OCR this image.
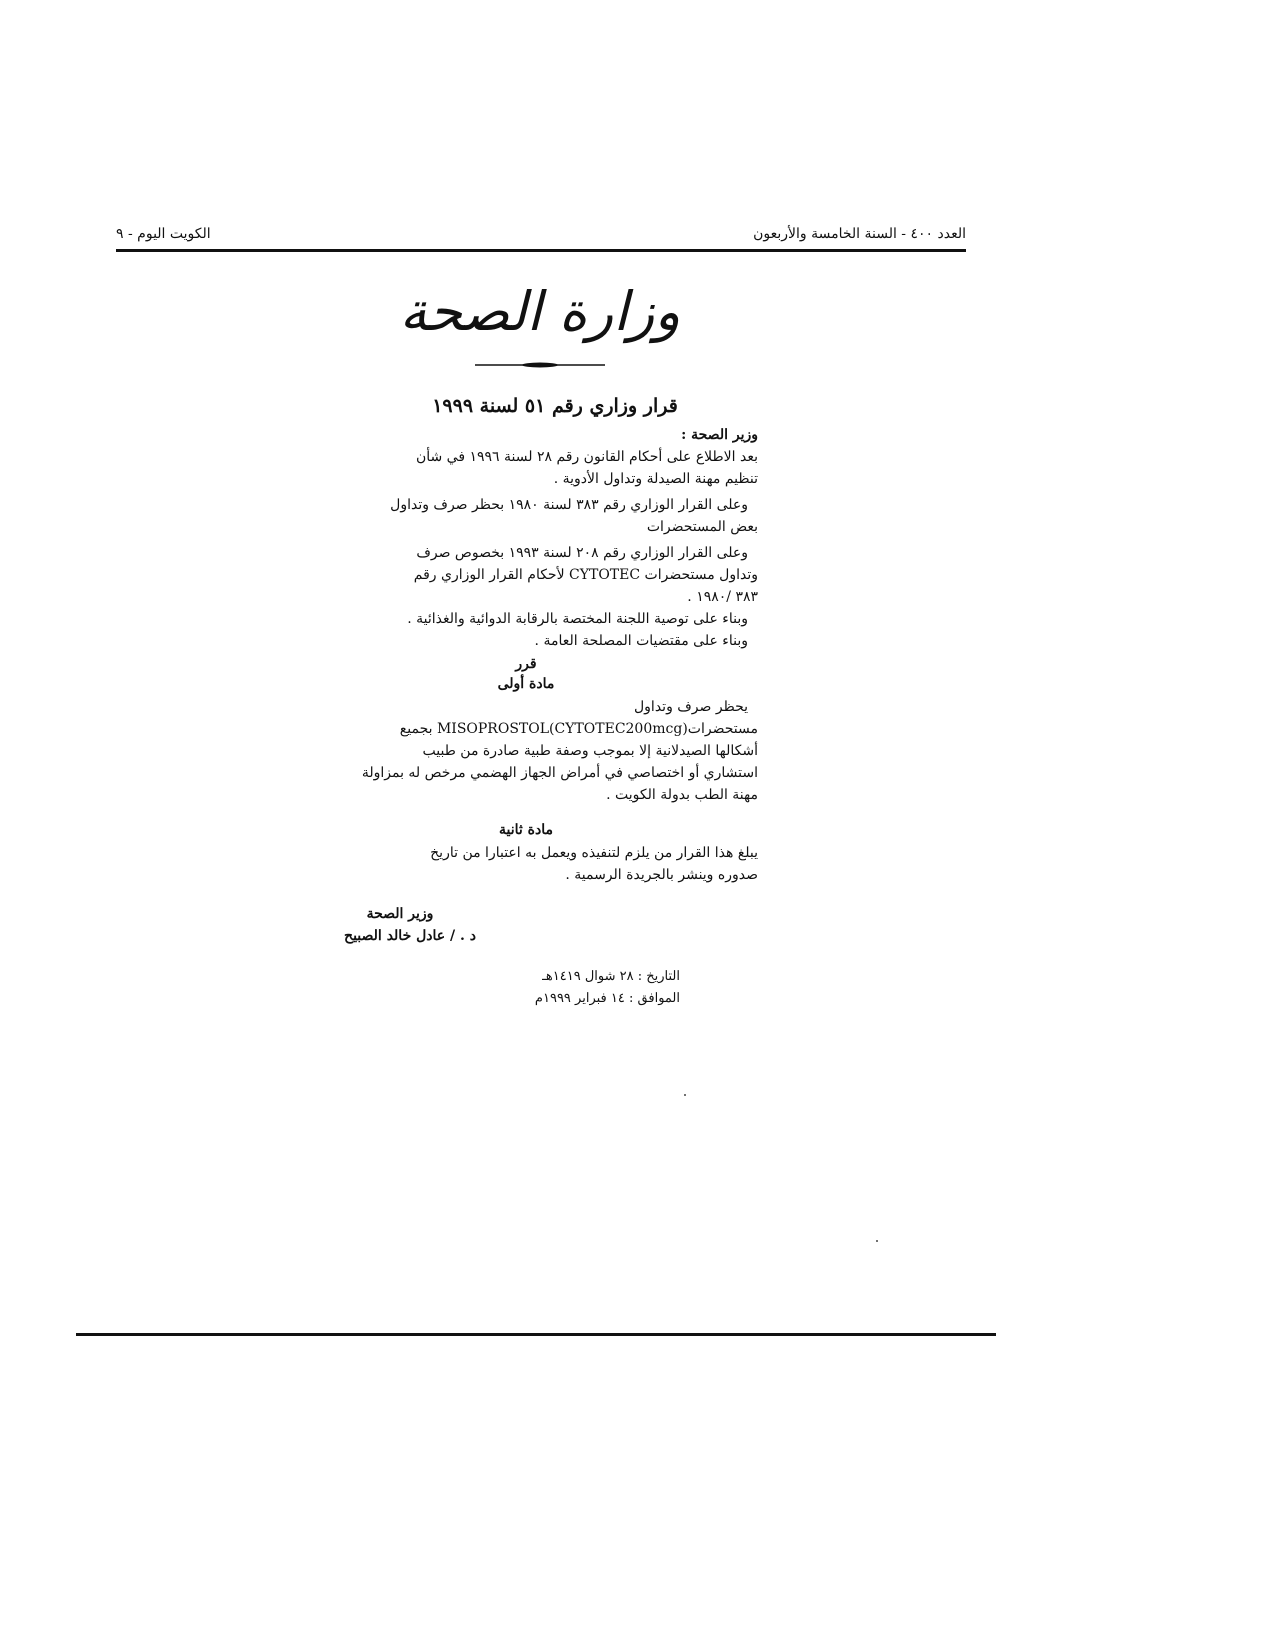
العدد ٤٠٠ - السنة الخامسة والأربعون
الكويت اليوم - ٩
وزارة الصحة
قرار وزاري رقم ٥١ لسنة ١٩٩٩
وزير الصحة :
بعد الاطلاع على أحكام القانون رقم ٢٨ لسنة ١٩٩٦ في شأن
تنظيم مهنة الصيدلة وتداول الأدوية .
وعلى القرار الوزاري رقم ٣٨٣ لسنة ١٩٨٠ بحظر صرف وتداول
بعض المستحضرات
وعلى القرار الوزاري رقم ٢٠٨ لسنة ١٩٩٣ بخصوص صرف
وتداول مستحضرات CYTOTEC لأحكام القرار الوزاري رقم
٣٨٣ /١٩٨٠ .
وبناء على توصية اللجنة المختصة بالرقابة الدوائية والغذائية .
وبناء على مقتضيات المصلحة العامة .
قرر
مادة أولى
يحظر صرف وتداول
مستحضرات(MISOPROSTOL(CYTOTEC200mcg بجميع
أشكالها الصيدلانية إلا بموجب وصفة طبية صادرة من طبيب
استشاري أو اختصاصي في أمراض الجهاز الهضمي مرخص له بمزاولة
مهنة الطب بدولة الكويت .
مادة ثانية
يبلغ هذا القرار من يلزم لتنفيذه ويعمل به اعتبارا من تاريخ
صدوره وينشر بالجريدة الرسمية .
وزير الصحة
د . / عادل خالد الصبيح
التاريخ : ٢٨ شوال ١٤١٩هـ
الموافق : ١٤ فبراير ١٩٩٩م
